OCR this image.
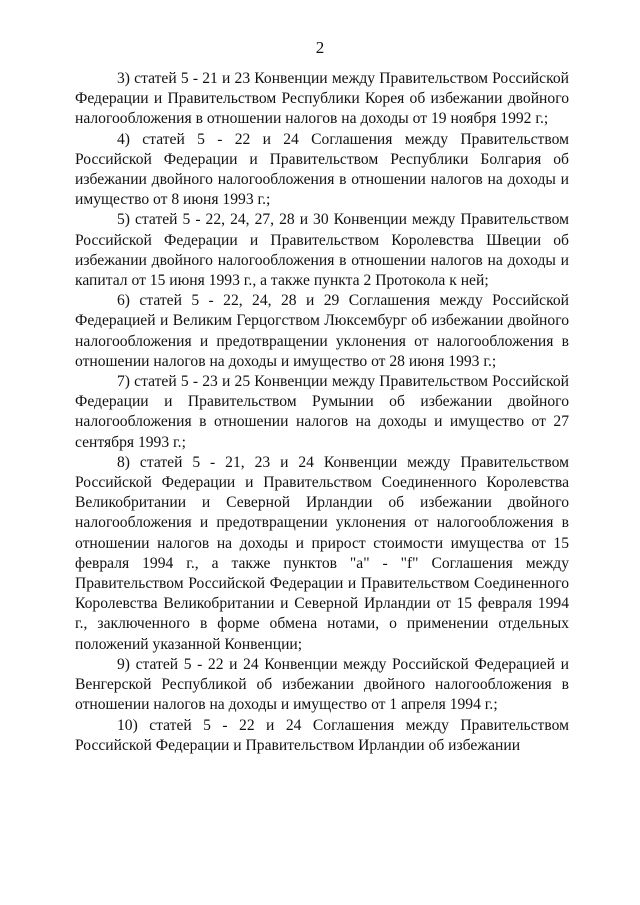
2

3) статей 5 - 21 и 23 Конвенции между Правительством Российской Федерации и Правительством Республики Корея об избежании двойного налогообложения в отношении налогов на доходы от 19 ноября 1992 г.;

4) статей 5 - 22 и 24 Соглашения между Правительством Российской Федерации и Правительством Республики Болгария об избежании двойного налогообложения в отношении налогов на доходы и имущество от 8 июня 1993 г.;

5) статей 5 - 22, 24, 27, 28 и 30 Конвенции между Правительством Российской Федерации и Правительством Королевства Швеции об избежании двойного налогообложения в отношении налогов на доходы и капитал от 15 июня 1993 г., а также пункта 2 Протокола к ней;

6) статей 5 - 22, 24, 28 и 29 Соглашения между Российской Федерацией и Великим Герцогством Люксембург об избежании двойного налогообложения и предотвращении уклонения от налогообложения в отношении налогов на доходы и имущество от 28 июня 1993 г.;

7) статей 5 - 23 и 25 Конвенции между Правительством Российской Федерации и Правительством Румынии об избежании двойного налогообложения в отношении налогов на доходы и имущество от 27 сентября 1993 г.;

8) статей 5 - 21, 23 и 24 Конвенции между Правительством Российской Федерации и Правительством Соединенного Королевства Великобритании и Северной Ирландии об избежании двойного налогообложения и предотвращении уклонения от налогообложения в отношении налогов на доходы и прирост стоимости имущества от 15 февраля 1994 г., а также пунктов "a" - "f" Соглашения между Правительством Российской Федерации и Правительством Соединенного Королевства Великобритании и Северной Ирландии от 15 февраля 1994 г., заключенного в форме обмена нотами, о применении отдельных положений указанной Конвенции;

9) статей 5 - 22 и 24 Конвенции между Российской Федерацией и Венгерской Республикой об избежании двойного налогообложения в отношении налогов на доходы и имущество от 1 апреля 1994 г.;

10) статей 5 - 22 и 24 Соглашения между Правительством Российской Федерации и Правительством Ирландии об избежании
